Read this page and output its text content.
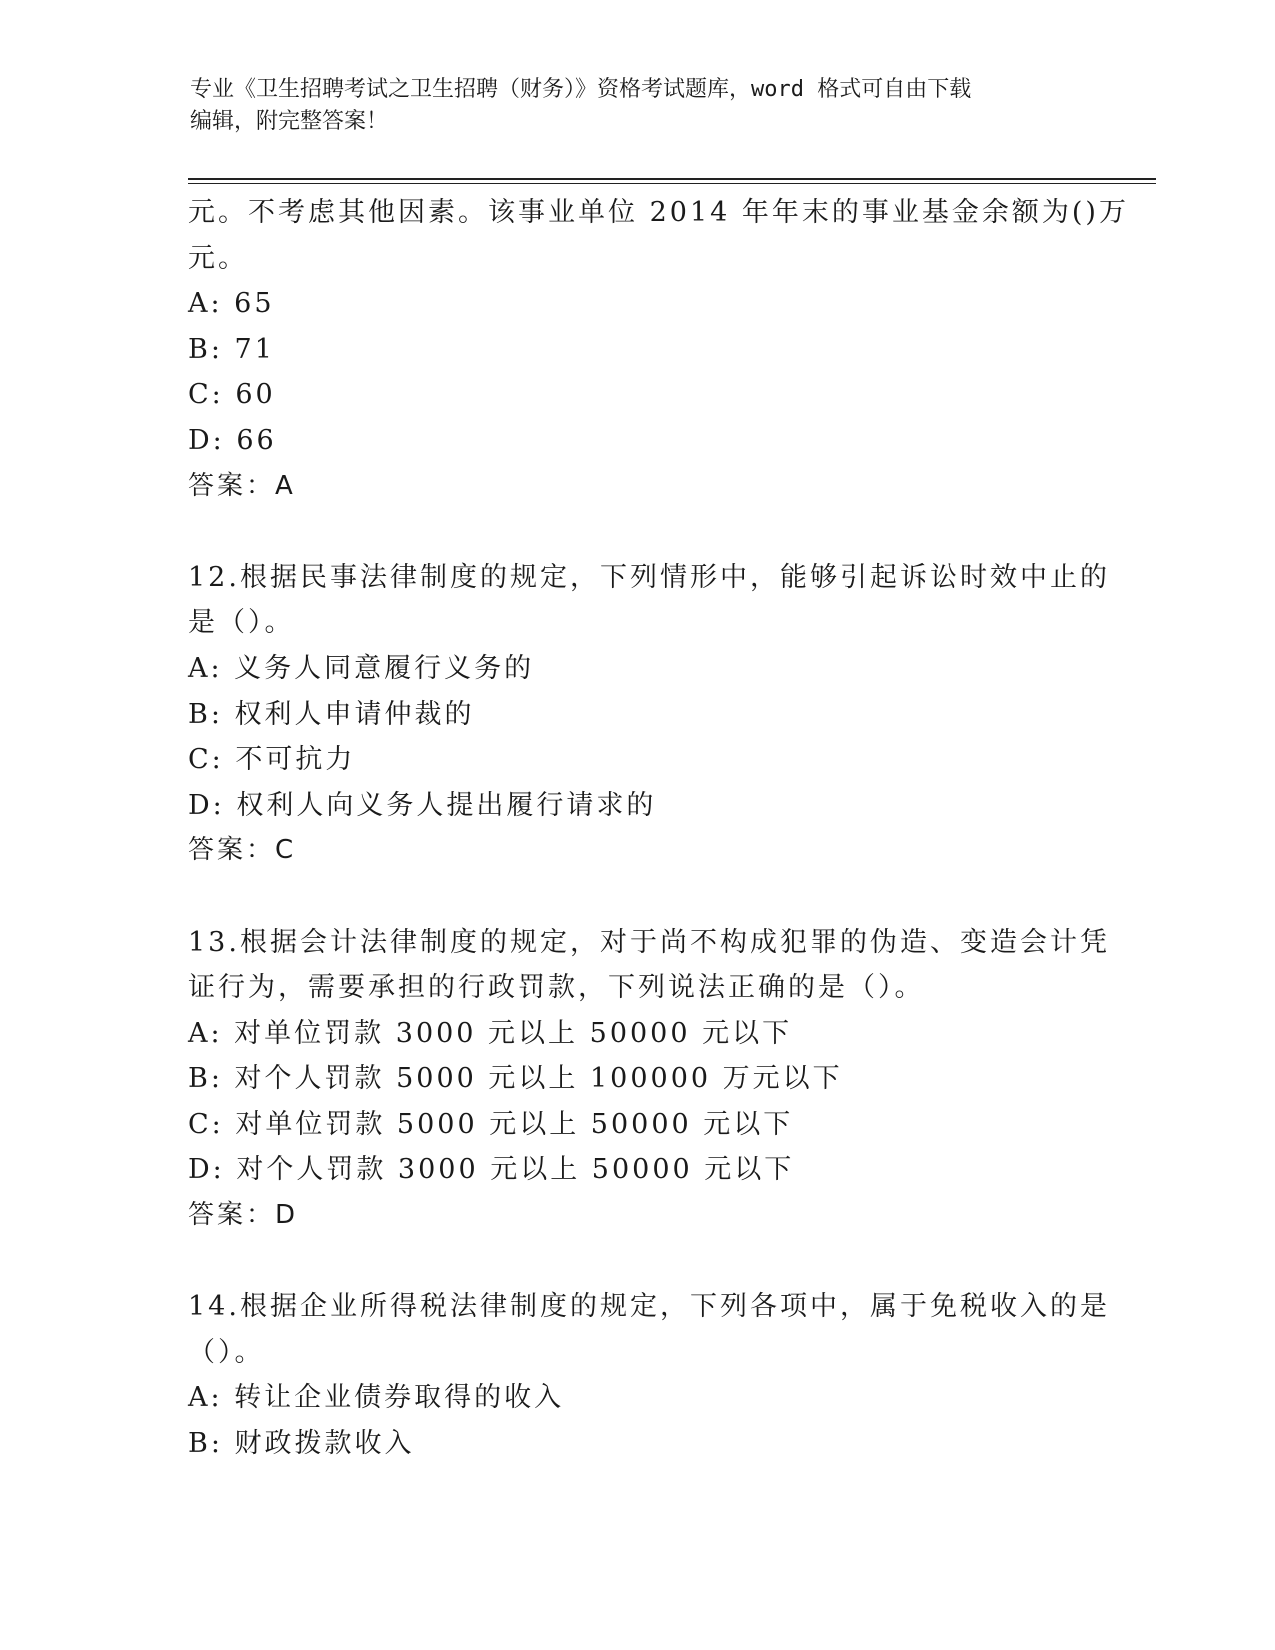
专业《卫生招聘考试之卫生招聘（财务）》资格考试题库，word 格式可自由下载
编辑，附完整答案！
元。不考虑其他因素。该事业单位 2014 年年末的事业基金余额为()万
元。
A: 65
B: 71
C: 60
D: 66
答案：A
12.根据民事法律制度的规定，下列情形中，能够引起诉讼时效中止的
是（）。
A: 义务人同意履行义务的
B: 权利人申请仲裁的
C: 不可抗力
D: 权利人向义务人提出履行请求的
答案：C
13.根据会计法律制度的规定，对于尚不构成犯罪的伪造、变造会计凭
证行为，需要承担的行政罚款，下列说法正确的是（）。
A: 对单位罚款 3000 元以上 50000 元以下
B: 对个人罚款 5000 元以上 100000 万元以下
C: 对单位罚款 5000 元以上 50000 元以下
D: 对个人罚款 3000 元以上 50000 元以下
答案：D
14.根据企业所得税法律制度的规定，下列各项中，属于免税收入的是
（）。
A: 转让企业债券取得的收入
B: 财政拨款收入
